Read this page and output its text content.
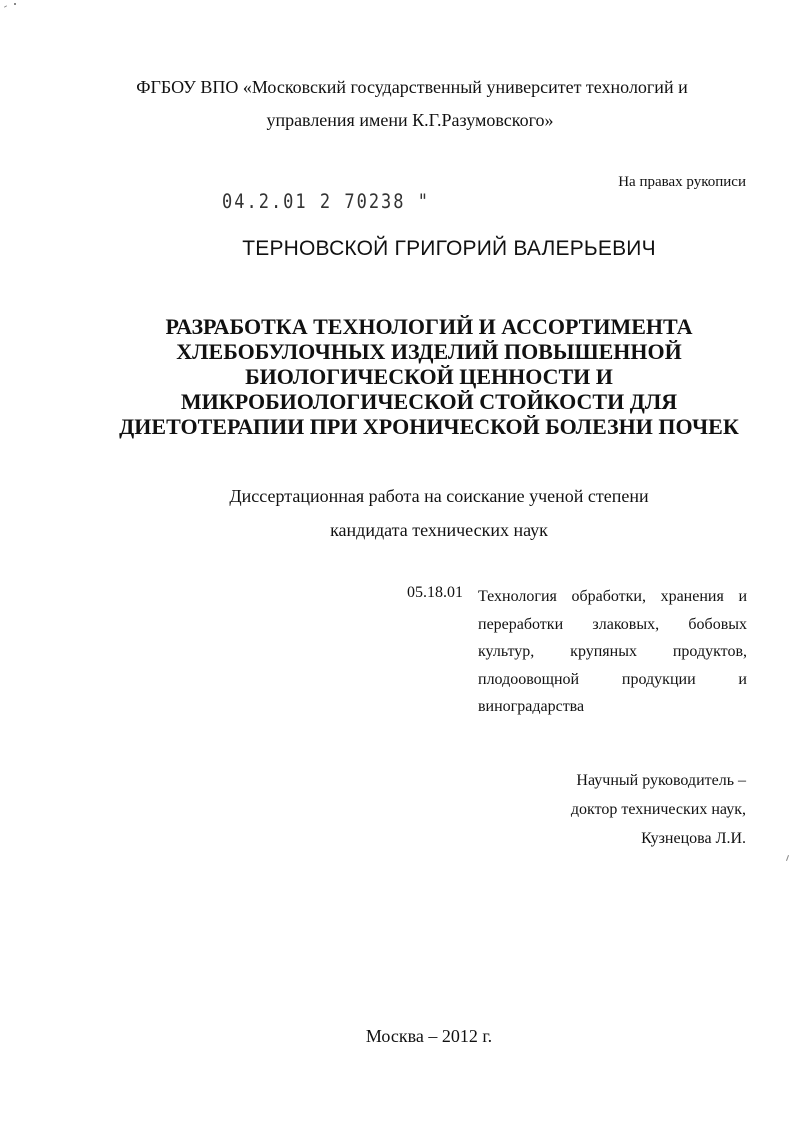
ФГБОУ ВПО «Московский государственный университет технологий и
управления имени К.Г.Разумовского»
На правах рукописи
04.2.01 2 70238 "
ТЕРНОВСКОЙ ГРИГОРИЙ ВАЛЕРЬЕВИЧ
РАЗРАБОТКА ТЕХНОЛОГИЙ И АССОРТИМЕНТА
ХЛЕБОБУЛОЧНЫХ ИЗДЕЛИЙ ПОВЫШЕННОЙ
БИОЛОГИЧЕСКОЙ ЦЕННОСТИ И
МИКРОБИОЛОГИЧЕСКОЙ СТОЙКОСТИ ДЛЯ
ДИЕТОТЕРАПИИ ПРИ ХРОНИЧЕСКОЙ БОЛЕЗНИ ПОЧЕК
Диссертационная работа на соискание ученой степени
кандидата технических наук
05.18.01 Технология обработки, хранения и переработки злаковых, бобовых культур, крупяных продуктов, плодоовощной продукции и виноградарства
Научный руководитель –
доктор технических наук,
Кузнецова Л.И.
Москва – 2012 г.
